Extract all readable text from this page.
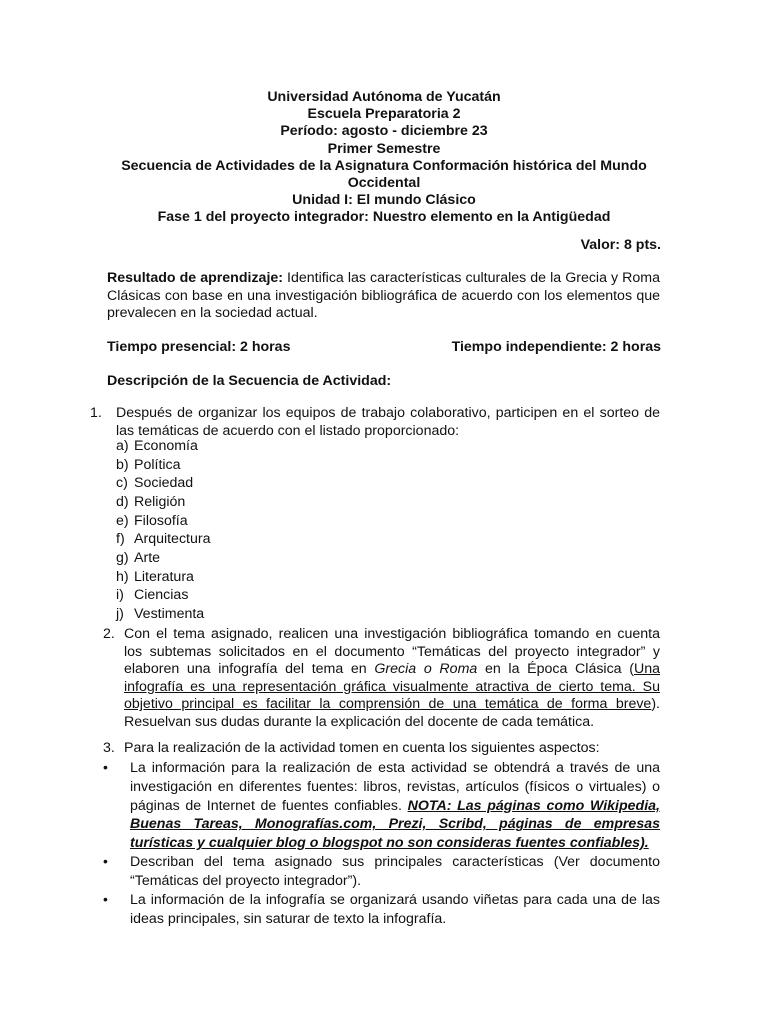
Universidad Autónoma de Yucatán
Escuela Preparatoria 2
Período: agosto - diciembre 23
Primer Semestre
Secuencia de Actividades de la Asignatura Conformación histórica del Mundo
Occidental
Unidad I: El mundo Clásico
Fase 1 del proyecto integrador: Nuestro elemento en la Antigüedad
Valor: 8 pts.
Resultado de aprendizaje: Identifica las características culturales de la Grecia y Roma Clásicas con base en una investigación bibliográfica de acuerdo con los elementos que prevalecen en la sociedad actual.
Tiempo presencial: 2 horas	Tiempo independiente: 2 horas
Descripción de la Secuencia de Actividad:
1. Después de organizar los equipos de trabajo colaborativo, participen en el sorteo de las temáticas de acuerdo con el listado proporcionado:
a) Economía
b) Política
c) Sociedad
d) Religión
e) Filosofía
f) Arquitectura
g) Arte
h) Literatura
i) Ciencias
j) Vestimenta
2. Con el tema asignado, realicen una investigación bibliográfica tomando en cuenta los subtemas solicitados en el documento “Temáticas del proyecto integrador” y elaboren una infografía del tema en Grecia o Roma en la Época Clásica (Una infografía es una representación gráfica visualmente atractiva de cierto tema. Su objetivo principal es facilitar la comprensión de una temática de forma breve). Resuelvan sus dudas durante la explicación del docente de cada temática.
3. Para la realización de la actividad tomen en cuenta los siguientes aspectos:
• La información para la realización de esta actividad se obtendrá a través de una investigación en diferentes fuentes: libros, revistas, artículos (físicos o virtuales) o páginas de Internet de fuentes confiables. NOTA: Las páginas como Wikipedia, Buenas Tareas, Monografías.com, Prezi, Scribd, páginas de empresas turísticas y cualquier blog o blogspot no son consideras fuentes confiables).
• Describan del tema asignado sus principales características (Ver documento “Temáticas del proyecto integrador”).
• La información de la infografía se organizará usando viñetas para cada una de las ideas principales, sin saturar de texto la infografía.
